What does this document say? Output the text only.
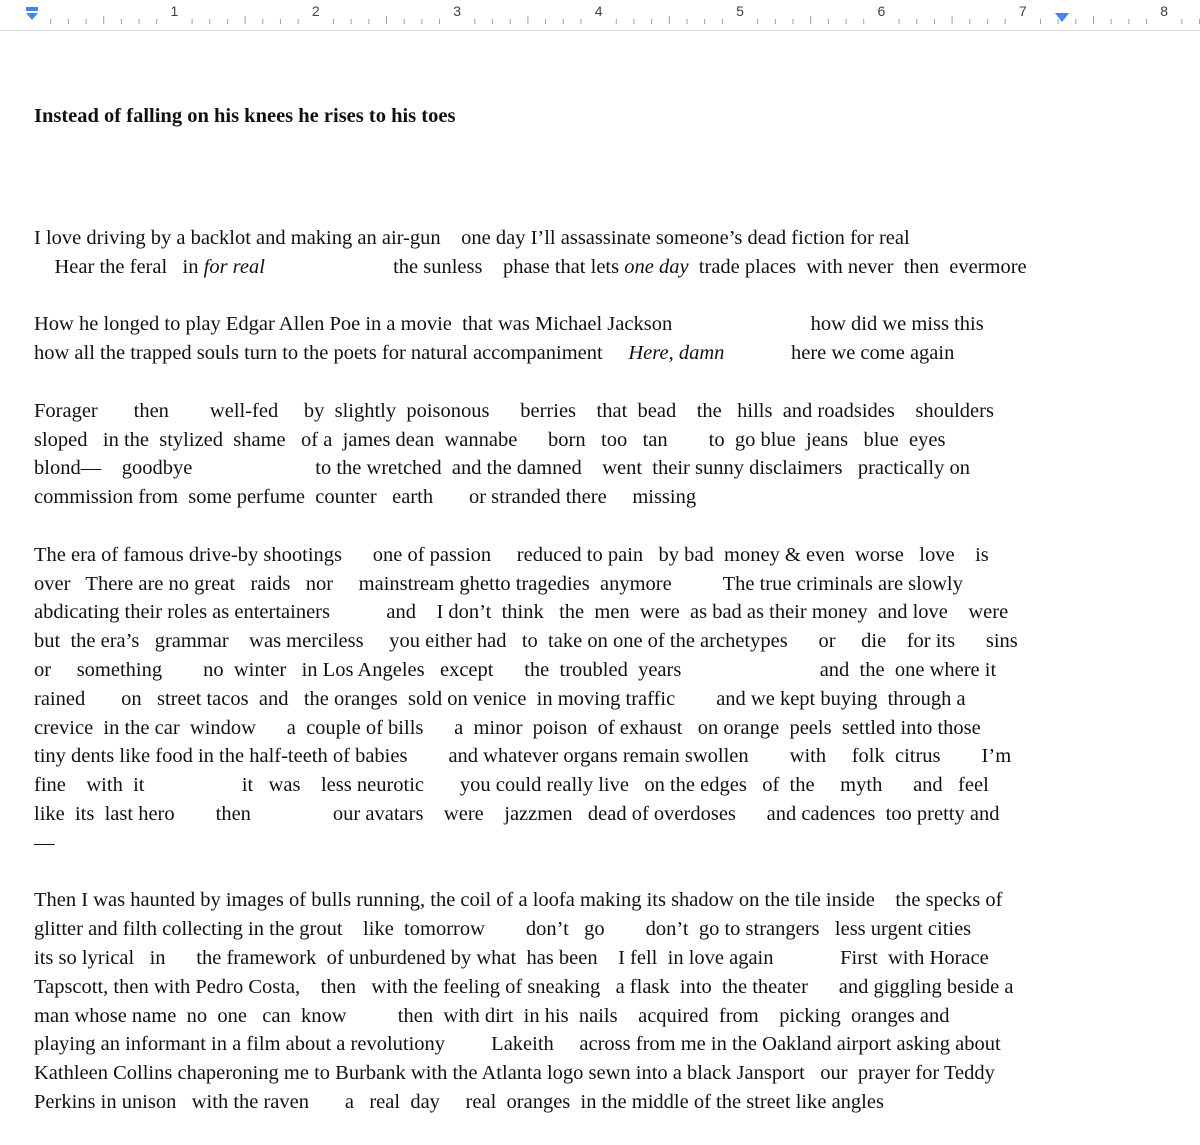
1	2	3	4	5	6	7	8

Instead of falling on his knees he rises to his toes

I love driving by a backlot and making an air-gun    one day I’ll assassinate someone’s dead fiction for real
Hear the feral   in for real                         the sunless    phase that lets one day  trade places  with never  then  evermore
How he longed to play Edgar Allen Poe in a movie  that was Michael Jackson                           how did we miss this
how all the trapped souls turn to the poets for natural accompaniment     Here, damn             here we come again
Forager       then        well-fed     by  slightly  poisonous      berries    that  bead    the   hills  and roadsides    shoulders
sloped   in the  stylized  shame   of a  james dean  wannabe      born   too   tan        to  go blue  jeans   blue  eyes
blond—    goodbye                        to the wretched  and the damned    went  their sunny disclaimers   practically on
commission from  some perfume  counter   earth       or stranded there     missing
The era of famous drive-by shootings      one of passion     reduced to pain   by bad  money & even  worse   love    is
over   There are no great   raids   nor     mainstream ghetto tragedies  anymore          The true criminals are slowly
abdicating their roles as entertainers           and    I don’t  think   the  men  were  as bad as their money  and love    were
but  the era’s   grammar    was merciless     you either had   to  take on one of the archetypes      or     die    for its      sins
or     something        no  winter   in Los Angeles   except      the  troubled  years                           and  the  one where it
rained       on   street tacos  and   the oranges  sold on venice  in moving traffic        and we kept buying  through a
crevice  in the car  window      a  couple of bills      a  minor  poison  of exhaust   on orange  peels  settled into those
tiny dents like food in the half-teeth of babies        and whatever organs remain swollen        with     folk  citrus        I’m
fine    with  it                   it   was    less neurotic       you could really live   on the edges   of  the     myth      and   feel
like  its  last hero        then                our avatars    were    jazzmen   dead of overdoses      and cadences  too pretty and
—
Then I was haunted by images of bulls running, the coil of a loofa making its shadow on the tile inside    the specks of
glitter and filth collecting in the grout    like  tomorrow        don’t   go        don’t  go to strangers   less urgent cities
its so lyrical   in      the framework  of unburdened by what  has been    I fell  in love again             First  with Horace
Tapscott, then with Pedro Costa,    then   with the feeling of sneaking   a flask  into  the theater      and giggling beside a
man whose name  no  one   can  know          then  with dirt  in his  nails    acquired  from    picking  oranges and
playing an informant in a film about a revolutiony         Lakeith     across from me in the Oakland airport asking about
Kathleen Collins chaperoning me to Burbank with the Atlanta logo sewn into a black Jansport   our  prayer for Teddy
Perkins in unison   with the raven       a   real  day     real  oranges  in the middle of the street like angles
